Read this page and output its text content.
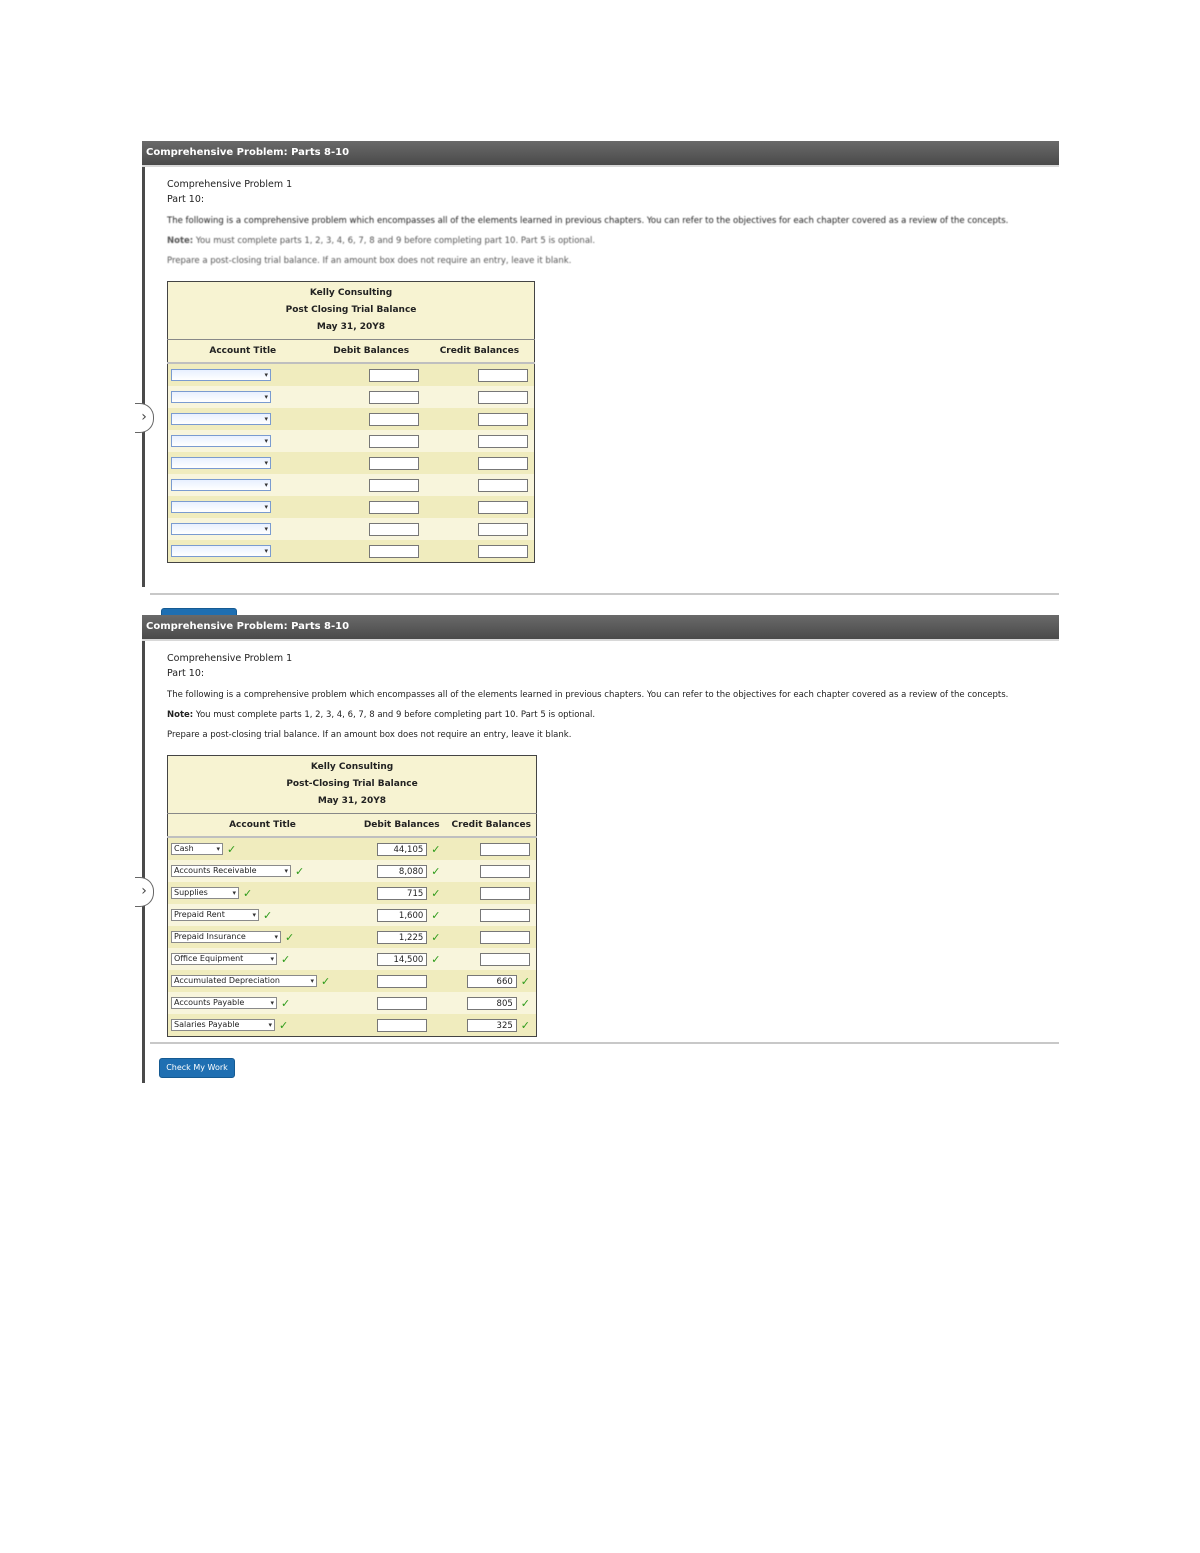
Comprehensive Problem: Parts 8-10
›
Comprehensive Problem 1
Part 10:
The following is a comprehensive problem which encompasses all of the elements learned in previous chapters. You can refer to the objectives for each chapter covered as a review of the concepts.
Note: You must complete parts 1, 2, 3, 4, 6, 7, 8 and 9 before completing part 10. Part 5 is optional.
Prepare a post-closing trial balance. If an amount box does not require an entry, leave it blank.
Kelly Consulting		
Post Closing Trial Balance		
May 31, 20Y8		
Account Title	Debit Balances	Credit Balances

▾		

▾		

▾		

▾		

▾		

▾		

▾		

▾		

▾		

Comprehensive Problem: Parts 8-10
›
Comprehensive Problem 1
Part 10:
The following is a comprehensive problem which encompasses all of the elements learned in previous chapters. You can refer to the objectives for each chapter covered as a review of the concepts.
Note: You must complete parts 1, 2, 3, 4, 6, 7, 8 and 9 before completing part 10. Part 5 is optional.
Prepare a post-closing trial balance. If an amount box does not require an entry, leave it blank.
Kelly Consulting		
Post-Closing Trial Balance		
May 31, 20Y8		
Account Title	Debit Balances	Credit Balances
Cash ▾ ✓	44,105 ✓	
Accounts Receivable ▾ ✓	8,080 ✓	
Supplies ▾ ✓	715 ✓	
Prepaid Rent ▾ ✓	1,600 ✓	
Prepaid Insurance ▾ ✓	1,225 ✓	
Office Equipment ▾ ✓	14,500 ✓	
Accumulated Depreciation ▾ ✓		660 ✓
Accounts Payable ▾ ✓		805 ✓
Salaries Payable ▾ ✓		325 ✓
Check My Work
